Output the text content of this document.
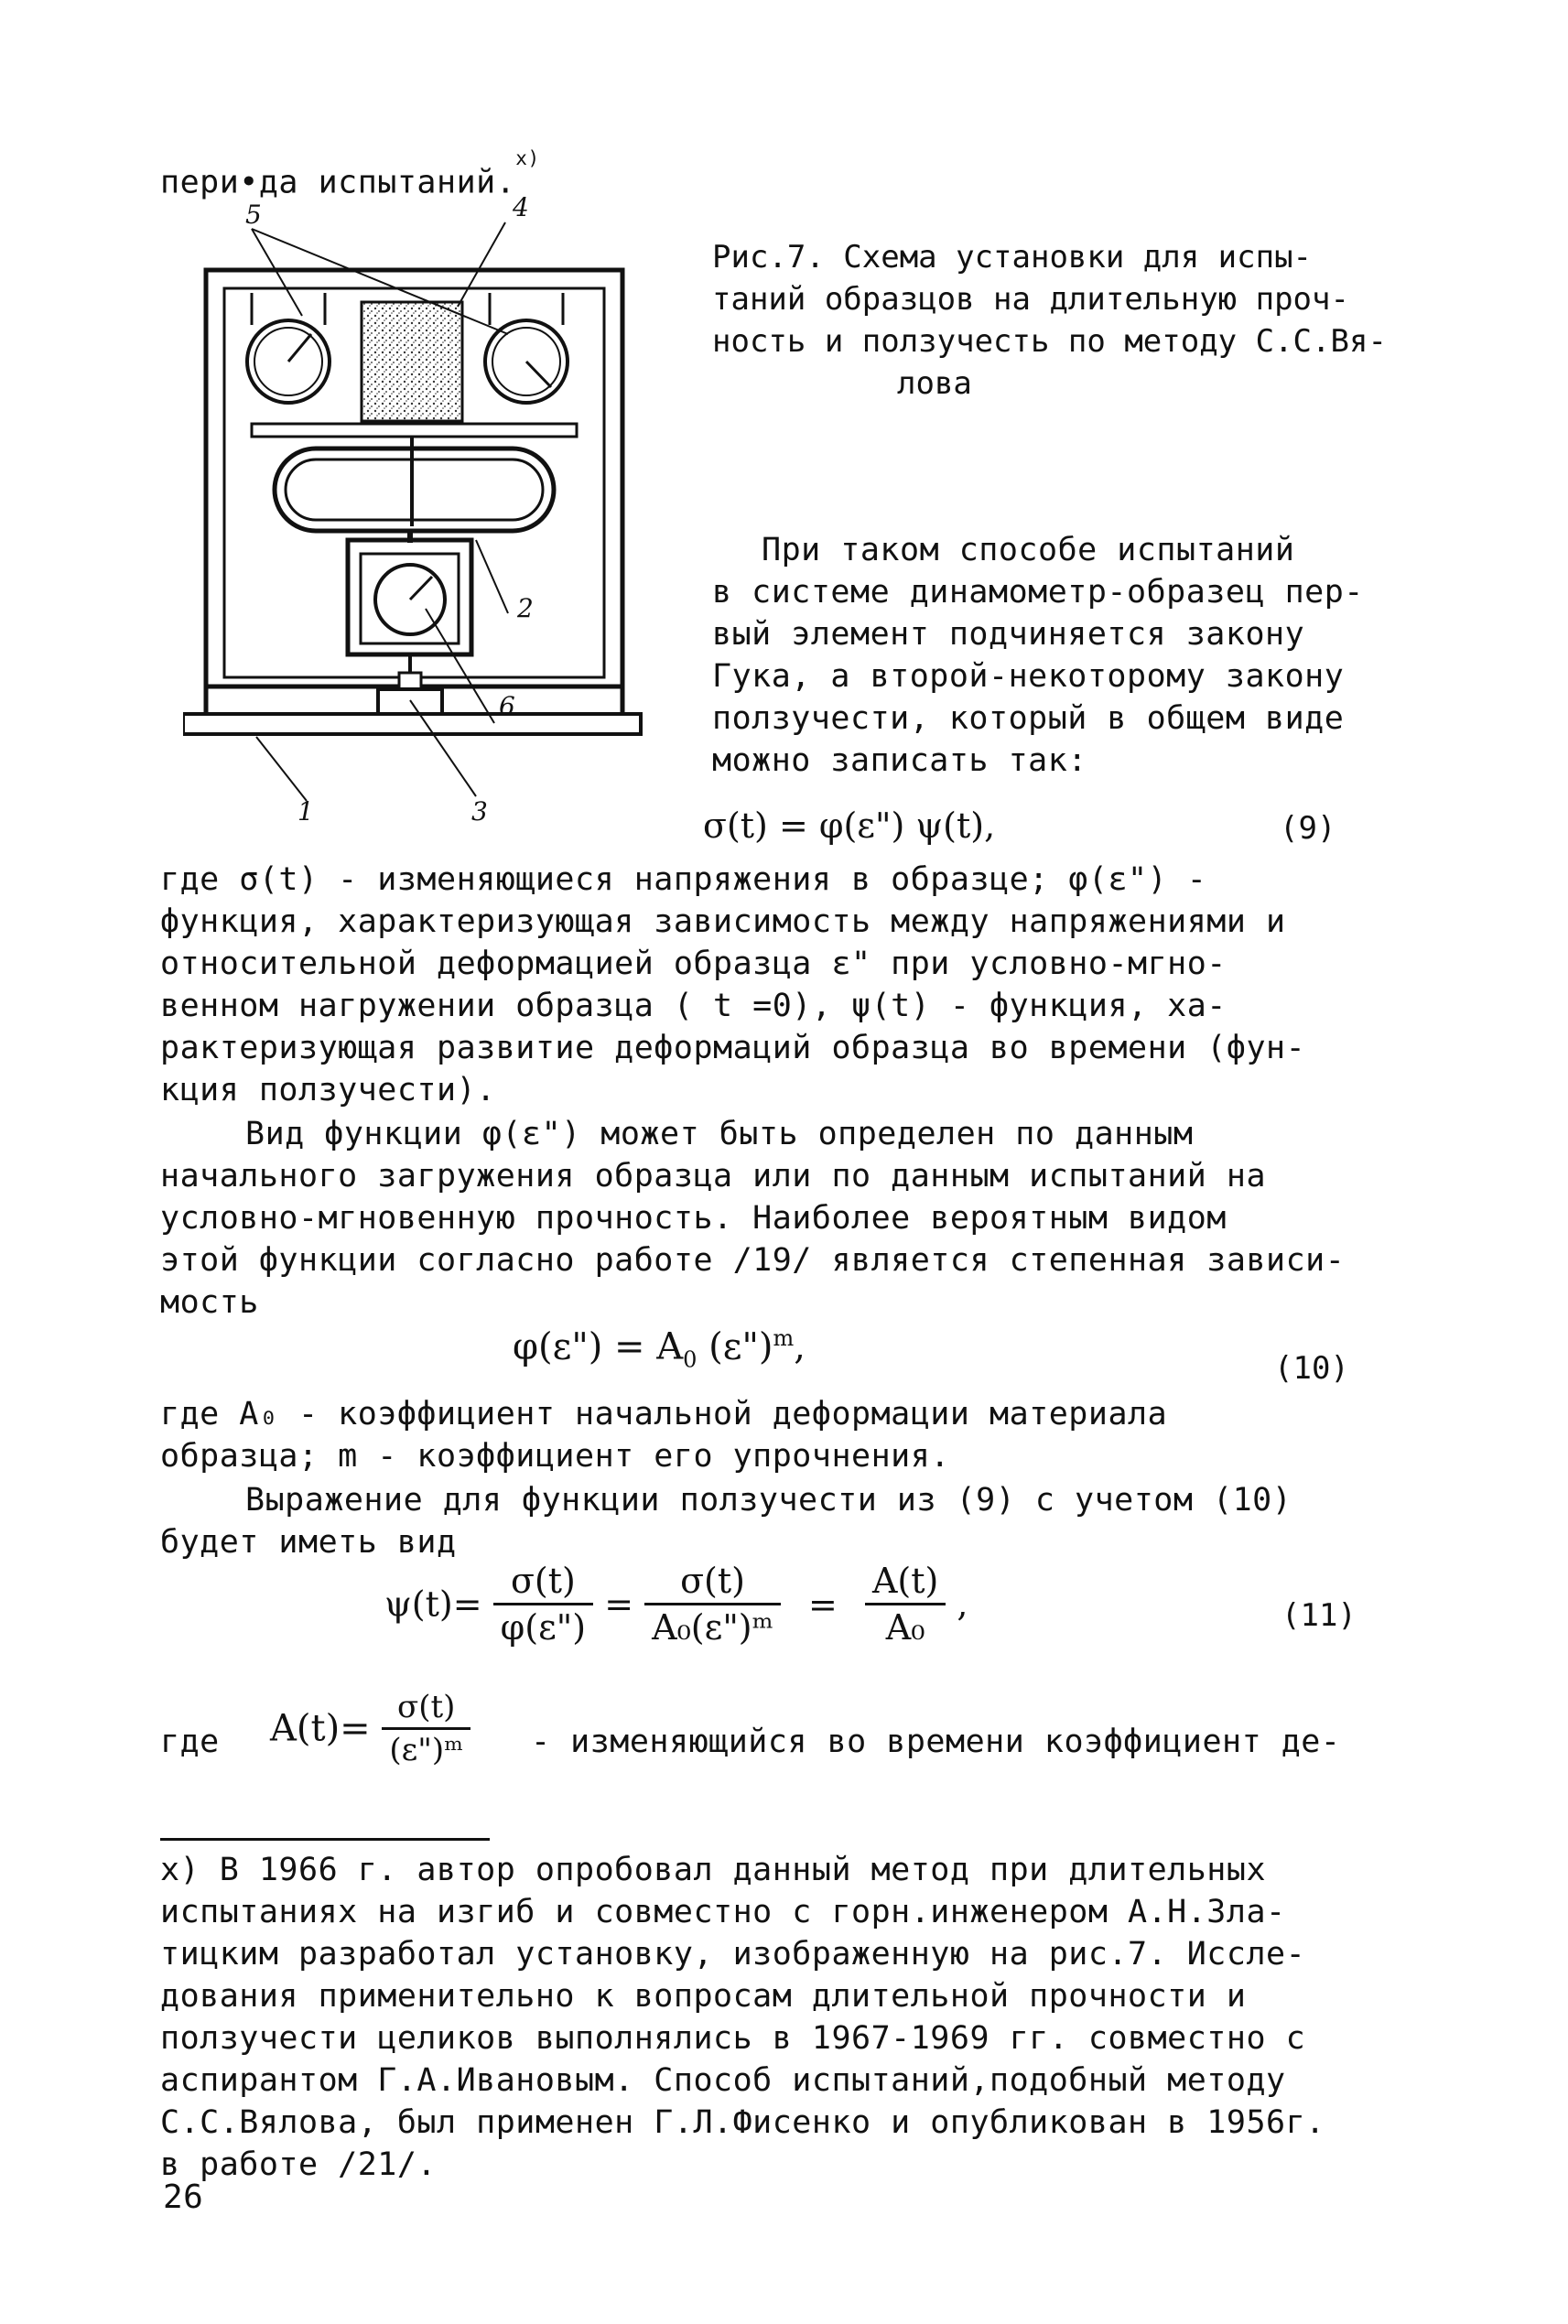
пери•да испытаний.$^{x)}$
5	4
2
6
1	3
Рис.7. Схема установки для испы-
таний образцов на длительную проч-
ность и ползучесть по методу С.С.Вя-
лова
При таком способе испытаний
в системе динамометр-образец пер-
вый элемент подчиняется закону
Гука, а второй-некоторому закону
ползучести, который в общем виде
можно записать так:
σ(t) = φ(ε") ψ(t),	(9)
где σ(t) - изменяющиеся напряжения в образце; φ(ε") -
функция, характеризующая зависимость между напряжениями и
относительной деформацией образца ε" при условно-мгно-
венном нагружении образца ( t =0), ψ(t) - функция, ха-
рактеризующая развитие деформаций образца во времени (фун-
кция ползучести).
Вид функции φ(ε") может быть определен по данным
начального загружения образца или по данным испытаний на
условно-мгновенную прочность. Наиболее вероятным видом
этой функции согласно работе /19/ является степенная зависи-
мость
φ(ε") = $A_0$ (ε")$^m$,
(10)
где A₀ - коэффициент начальной деформации материала
образца; m - коэффициент его упрочнения.
Выражение для функции ползучести из (9) с учетом (10)
будет иметь вид
$\psi(t)= \frac{\sigma(t)}{\varphi(\varepsilon")} = \frac{\sigma(t)}{\text{A₀(ε")ᵐ}} = \frac{A(t)}{\text{A₀}}$ ,	(11)
где $A(t)= \frac{\sigma(t)}{\text{(ε")ᵐ}}$ - изменяющийся во времени коэффициент де-
x) В 1966 г. автор опробовал данный метод при длительных
испытаниях на изгиб и совместно с горн.инженером А.Н.Зла-
тицким разработал установку, изображенную на рис.7. Иссле-
дования применительно к вопросам длительной прочности и
ползучести целиков выполнялись в 1967-1969 гг. совместно с
аспирантом Г.А.Ивановым. Способ испытаний,подобный методу
С.С.Вялова, был применен Г.Л.Фисенко и опубликован в 1956г.
в работе /21/.
26
